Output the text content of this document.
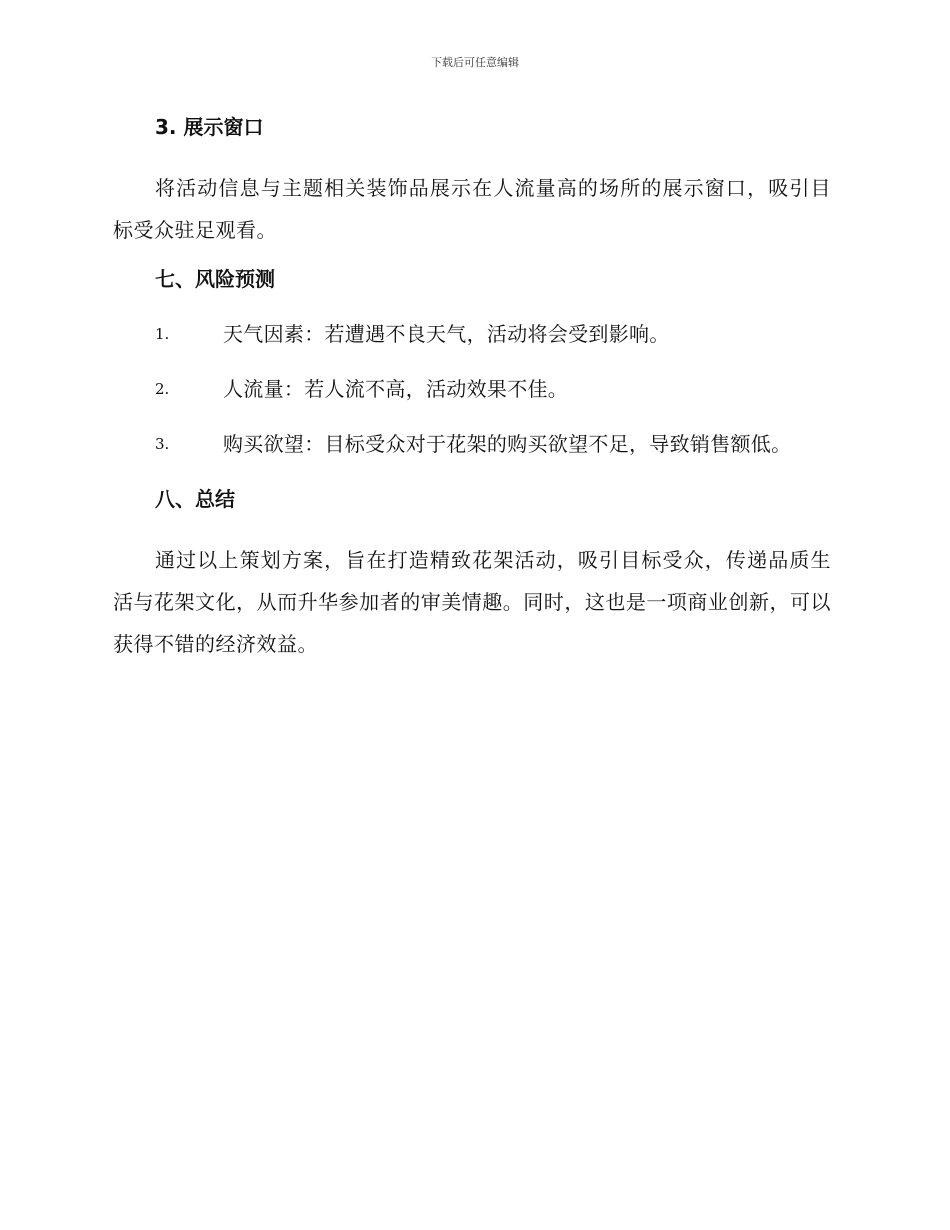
下载后可任意编辑
3. 展示窗口

将活动信息与主题相关装饰品展示在人流量高的场所的展示窗口，吸引目标受众驻足观看。

七、风险预测
1.	天气因素：若遭遇不良天气，活动将会受到影响。
2.	人流量：若人流不高，活动效果不佳。
3.	购买欲望：目标受众对于花架的购买欲望不足，导致销售额低。
八、总结

通过以上策划方案，旨在打造精致花架活动，吸引目标受众，传递品质生活与花架文化，从而升华参加者的审美情趣。同时，这也是一项商业创新，可以获得不错的经济效益。
